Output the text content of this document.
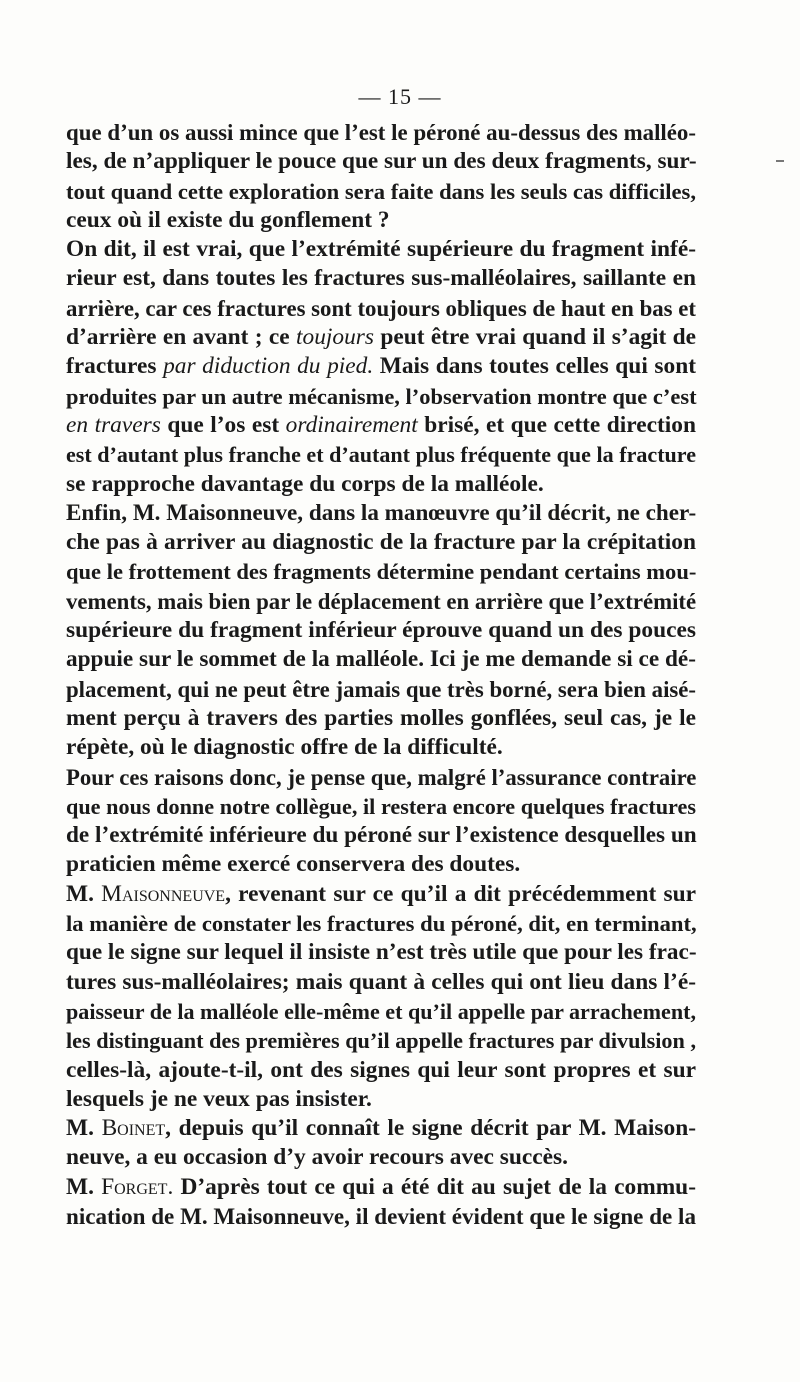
— 15 —
que d’un os aussi mince que l’est le péroné au-dessus des malléo-
les, de n’appliquer le pouce que sur un des deux fragments, sur-
tout quand cette exploration sera faite dans les seuls cas difficiles,
ceux où il existe du gonflement ?
On dit, il est vrai, que l’extrémité supérieure du fragment infé-
rieur est, dans toutes les fractures sus-malléolaires, saillante en
arrière, car ces fractures sont toujours obliques de haut en bas et
d’arrière en avant ; ce toujours peut être vrai quand il s’agit de
fractures par diduction du pied. Mais dans toutes celles qui sont
produites par un autre mécanisme, l’observation montre que c’est
en travers que l’os est ordinairement brisé, et que cette direction
est d’autant plus franche et d’autant plus fréquente que la fracture
se rapproche davantage du corps de la malléole.
Enfin, M. Maisonneuve, dans la manœuvre qu’il décrit, ne cher-
che pas à arriver au diagnostic de la fracture par la crépitation
que le frottement des fragments détermine pendant certains mou-
vements, mais bien par le déplacement en arrière que l’extrémité
supérieure du fragment inférieur éprouve quand un des pouces
appuie sur le sommet de la malléole. Ici je me demande si ce dé-
placement, qui ne peut être jamais que très borné, sera bien aisé-
ment perçu à travers des parties molles gonflées, seul cas, je le
répète, où le diagnostic offre de la difficulté.
Pour ces raisons donc, je pense que, malgré l’assurance contraire
que nous donne notre collègue, il restera encore quelques fractures
de l’extrémité inférieure du péroné sur l’existence desquelles un
praticien même exercé conservera des doutes.
M. Maisonneuve, revenant sur ce qu’il a dit précédemment sur
la manière de constater les fractures du péroné, dit, en terminant,
que le signe sur lequel il insiste n’est très utile que pour les frac-
tures sus-malléolaires; mais quant à celles qui ont lieu dans l’é-
paisseur de la malléole elle-même et qu’il appelle par arrachement,
les distinguant des premières qu’il appelle fractures par divulsion ,
celles-là, ajoute-t-il, ont des signes qui leur sont propres et sur
lesquels je ne veux pas insister.
M. Boinet, depuis qu’il connaît le signe décrit par M. Maison-
neuve, a eu occasion d’y avoir recours avec succès.
M. Forget. D’après tout ce qui a été dit au sujet de la commu-
nication de M. Maisonneuve, il devient évident que le signe de la
